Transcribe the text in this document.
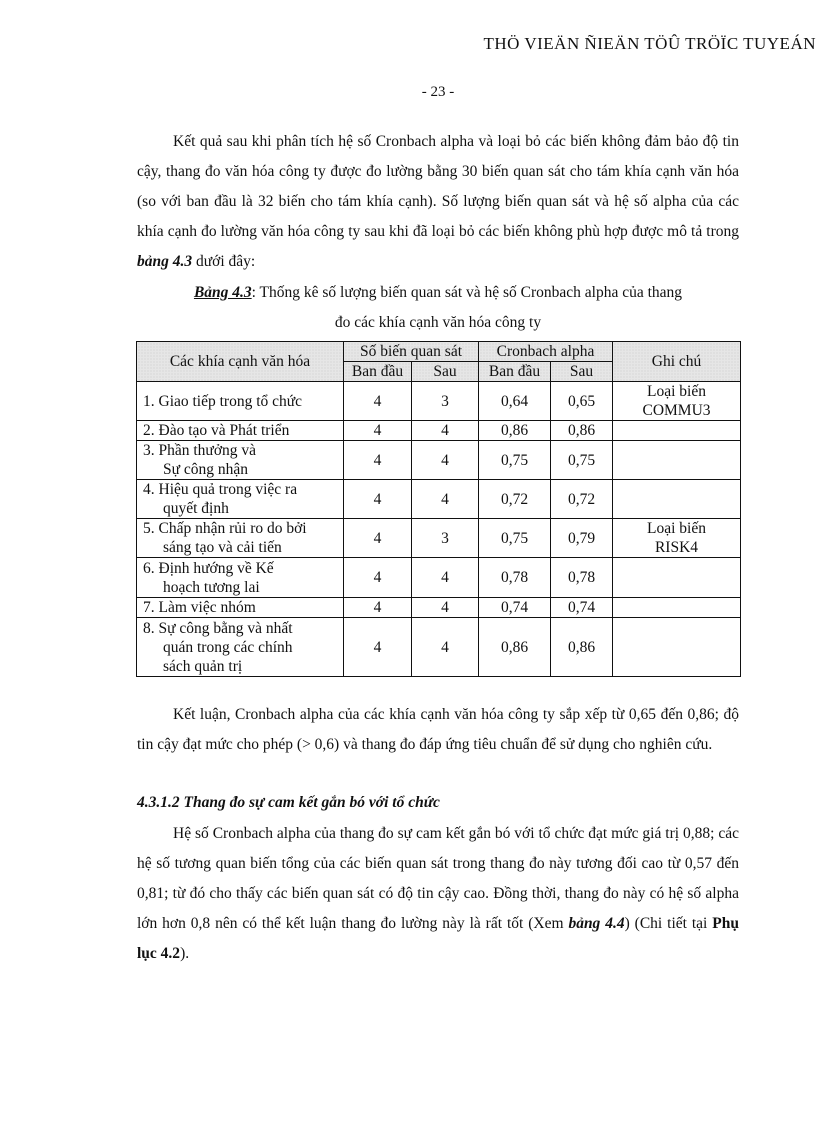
THÖ VIEÄN ÑIEÄN TÖÛ TRÖÏC TUYEÁN
- 23 -

Kết quả sau khi phân tích hệ số Cronbach alpha và loại bỏ các biến không đảm bảo độ tin cậy, thang đo văn hóa công ty được đo lường bằng 30 biến quan sát cho tám khía cạnh văn hóa (so với ban đầu là 32 biến cho tám khía cạnh). Số lượng biến quan sát và hệ số alpha của các khía cạnh đo lường văn hóa công ty sau khi đã loại bỏ các biến không phù hợp được mô tả trong bảng 4.3 dưới đây:

Bảng 4.3: Thống kê số lượng biến quan sát và hệ số Cronbach alpha của thang
đo các khía cạnh văn hóa công ty

Các khía cạnh văn hóa	Số biến quan sát		Cronbach alpha		Ghi chú
	Ban đầu	Sau	Ban đầu	Sau	
1. Giao tiếp trong tổ chức	4	3	0,64	0,65	Loại biến
COMMU3
2. Đào tạo và Phát triển	4	4	0,86	0,86	
3. Phần thưởng và
Sự công nhận	4	4	0,75	0,75	
4. Hiệu quả trong việc ra
quyết định	4	4	0,72	0,72	
5. Chấp nhận rủi ro do bởi
sáng tạo và cải tiến	4	3	0,75	0,79	Loại biến
RISK4
6. Định hướng về Kế
hoạch tương lai	4	4	0,78	0,78	
7. Làm việc nhóm	4	4	0,74	0,74	
8. Sự công bằng và nhất
quán trong các chính
sách quản trị	4	4	0,86	0,86	

Kết luận, Cronbach alpha của các khía cạnh văn hóa công ty sắp xếp từ 0,65 đến 0,86; độ tin cậy đạt mức cho phép (> 0,6) và thang đo đáp ứng tiêu chuẩn để sử dụng cho nghiên cứu.

4.3.1.2 Thang đo sự cam kết gắn bó với tổ chức

Hệ số Cronbach alpha của thang đo sự cam kết gắn bó với tổ chức đạt mức giá trị 0,88; các hệ số tương quan biến tổng của các biến quan sát trong thang đo này tương đối cao từ 0,57 đến 0,81; từ đó cho thấy các biến quan sát có độ tin cậy cao. Đồng thời, thang đo này có hệ số alpha lớn hơn 0,8 nên có thể kết luận thang đo lường này là rất tốt (Xem bảng 4.4) (Chi tiết tại Phụ lục 4.2).
